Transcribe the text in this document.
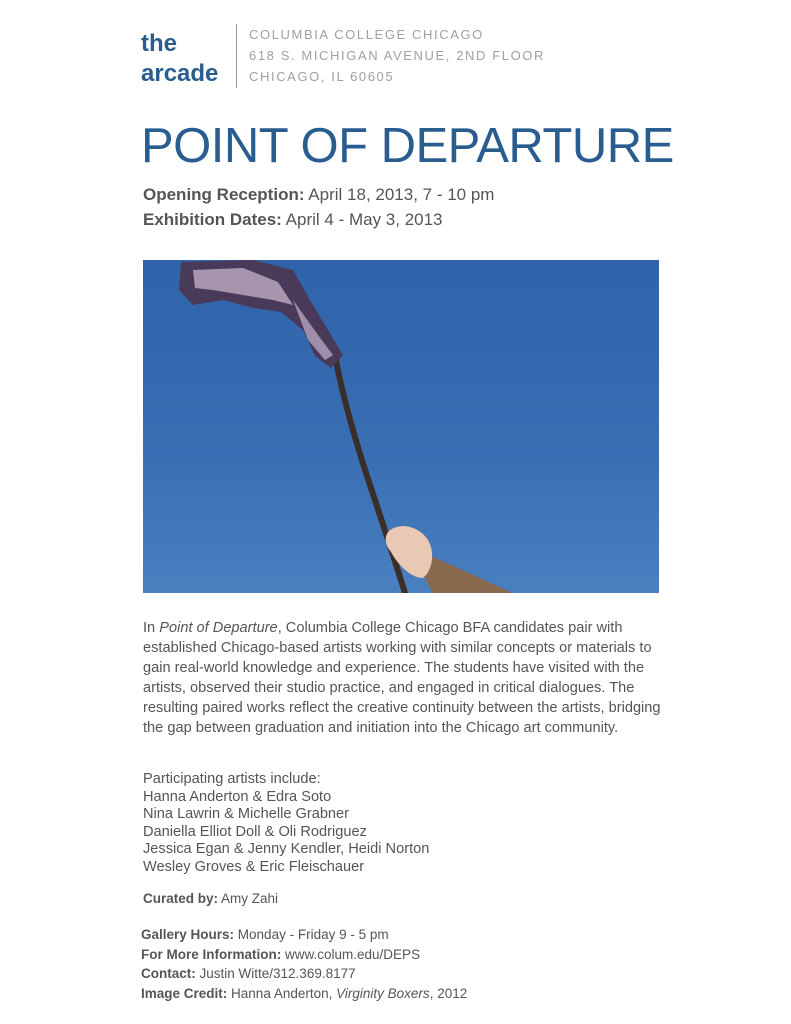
the
arcade
COLUMBIA COLLEGE CHICAGO
618 S. MICHIGAN AVENUE, 2ND FLOOR
CHICAGO, IL 60605
POINT OF DEPARTURE
Opening Reception: April 18, 2013, 7 - 10 pm
Exhibition Dates: April 4 - May 3, 2013

In Point of Departure, Columbia College Chicago BFA candidates pair with established Chicago-based artists working with similar concepts or materials to gain real-world knowledge and experience. The students have visited with the artists, observed their studio practice, and engaged in critical dialogues. The resulting paired works reflect the creative continuity between the artists, bridging the gap between graduation and initiation into the Chicago art community.

Participating artists include:
Hanna Anderton & Edra Soto
Nina Lawrin & Michelle Grabner
Daniella Elliot Doll & Oli Rodriguez
Jessica Egan & Jenny Kendler, Heidi Norton
Wesley Groves & Eric Fleischauer
Curated by: Amy Zahi
Gallery Hours: Monday - Friday 9 - 5 pm
For More Information: www.colum.edu/DEPS
Contact: Justin Witte/312.369.8177
Image Credit: Hanna Anderton, Virginity Boxers, 2012
